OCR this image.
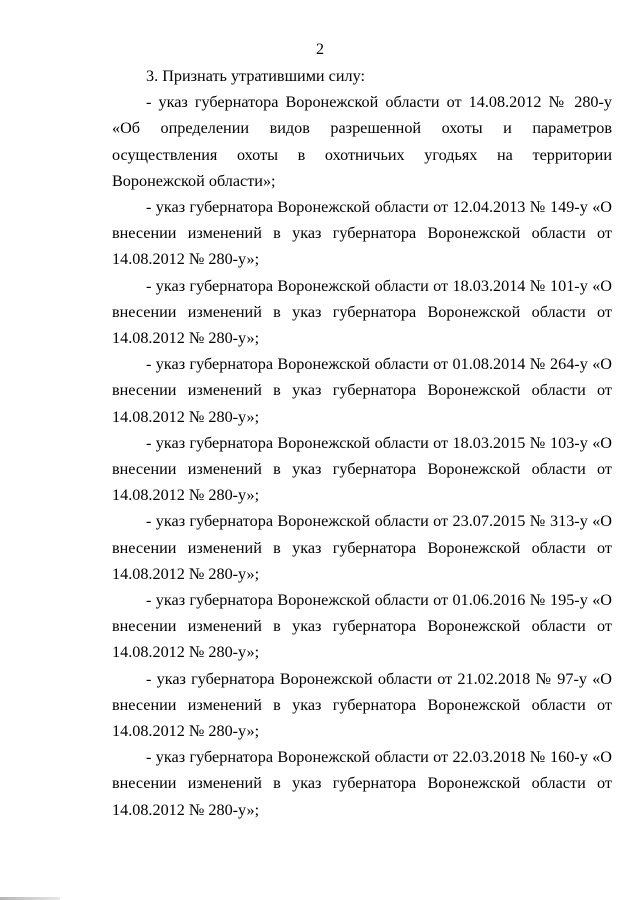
2

3. Признать утратившими силу:

- указ губернатора Воронежской области от 14.08.2012 № 280-у «Об определении видов разрешенной охоты и параметров осуществления охоты в охотничьих угодьях на территории Воронежской области»;

- указ губернатора Воронежской области от 12.04.2013 № 149-у «О внесении изменений в указ губернатора Воронежской области от 14.08.2012 № 280-у»;

- указ губернатора Воронежской области от 18.03.2014 № 101-у «О внесении изменений в указ губернатора Воронежской области от 14.08.2012 № 280-у»;

- указ губернатора Воронежской области от 01.08.2014 № 264-у «О внесении изменений в указ губернатора Воронежской области от 14.08.2012 № 280-у»;

- указ губернатора Воронежской области от 18.03.2015 № 103-у «О внесении изменений в указ губернатора Воронежской области от 14.08.2012 № 280-у»;

- указ губернатора Воронежской области от 23.07.2015 № 313-у «О внесении изменений в указ губернатора Воронежской области от 14.08.2012 № 280-у»;

- указ губернатора Воронежской области от 01.06.2016 № 195-у «О внесении изменений в указ губернатора Воронежской области от 14.08.2012 № 280-у»;

- указ губернатора Воронежской области от 21.02.2018 № 97-у «О внесении изменений в указ губернатора Воронежской области от 14.08.2012 № 280-у»;

- указ губернатора Воронежской области от 22.03.2018 № 160-у «О внесении изменений в указ губернатора Воронежской области от 14.08.2012 № 280-у»;
